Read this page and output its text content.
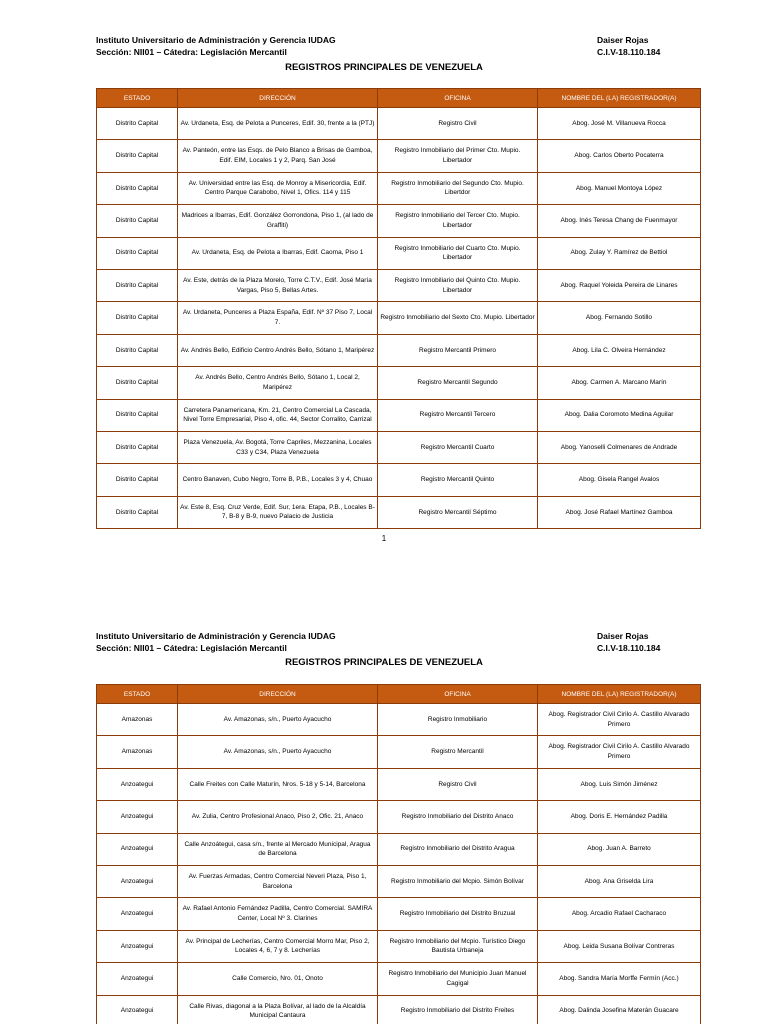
Instituto Universitario de Administración y Gerencia IUDAG
Sección: NII01 – Cátedra: Legislación Mercantil
Daiser Rojas
C.I.V-18.110.184
REGISTROS PRINCIPALES DE VENEZUELA
ESTADO	DIRECCIÓN	OFICINA	NOMBRE DEL (LA) REGISTRADOR(A)
Distrito Capital	Av. Urdaneta, Esq. de Pelota a Punceres, Edif. 30, frente a la (PTJ)	Registro Civil	Abog. José M. Villanueva Rocca
Distrito Capital	Av. Panteón, entre las Esqs. de Pelo Blanco a Brisas de Gamboa, Edif. EIM, Locales 1 y 2, Parq. San José	Registro Inmobiliario del Primer Cto. Mupio. Libertador	Abog. Carlos Oberto Pocaterra
Distrito Capital	Av. Universidad entre las Esq. de Monroy a Misericordia, Edif. Centro Parque Carabobo, Nivel 1, Ofics. 114 y 115	Registro Inmobiliario del Segundo Cto. Mupio. Libertdor	Abog. Manuel Montoya López
Distrito Capital	Madrices a Ibarras, Edif. González Gorrondona, Piso 1, (al lado de Graffiti)	Registro Inmobiliario del Tercer Cto. Mupio. Libertador	Abog. Inés Teresa Chang de Fuenmayor
Distrito Capital	Av. Urdaneta, Esq. de Pelota a Ibarras, Edif. Caoma, Piso 1	Registro Inmobiliario del Cuarto Cto. Mupio. Libertador	Abog. Zulay Y. Ramírez de Bettiol
Distrito Capital	Av. Este, detrás de la Plaza Morelo, Torre C.T.V., Edif. José María Vargas, Piso 5, Bellas Artes.	Registro Inmobiliario del Quinto Cto. Mupio. Libertador	Abog. Raquel Yoleida Pereira de Linares
Distrito Capital	Av. Urdaneta, Punceres a Plaza España, Edif. Nº 37 Piso 7, Local 7.	Registro Inmobiliario del Sexto Cto. Mupio. Libertador	Abog. Fernando Sotillo
Distrito Capital	Av. Andrés Bello, Edificio Centro Andrés Bello, Sótano 1, Maripérez	Registro Mercantil Primero	Abog. Lila C. Olveira Hernández
Distrito Capital	Av. Andrés Bello, Centro Andrés Bello, Sótano 1, Local 2, Maripérez	Registro Mercantil Segundo	Abog. Carmen A. Marcano Marín
Distrito Capital	Carretera Panamericana, Km. 21, Centro Comercial La Cascada, Nivel Torre Empresarial, Piso 4, ofic. 44, Sector Corralito, Carrizal	Registro Mercantil Tercero	Abog. Dalia Coromoto Medina Aguilar
Distrito Capital	Plaza Venezuela, Av. Bogotá, Torre Capriles, Mezzanina, Locales C33 y C34, Plaza Venezuela	Registro Mercantil Cuarto	Abog. Yanoselli Colmenares de Andrade
Distrito Capital	Centro Banaven, Cubo Negro, Torre B, P.B., Locales 3 y 4, Chuao	Registro Mercantil Quinto	Abog. Gisela Rangel Avalos
Distrito Capital	Av. Este 8, Esq. Cruz Verde, Edif. Sur, 1era. Etapa, P.B., Locales B-7, B-8 y B-9, nuevo Palacio de Justicia	Registro Mercantil Séptimo	Abog. José Rafael Martínez Gamboa
1
Instituto Universitario de Administración y Gerencia IUDAG
Sección: NII01 – Cátedra: Legislación Mercantil
Daiser Rojas
C.I.V-18.110.184
REGISTROS PRINCIPALES DE VENEZUELA
ESTADO	DIRECCIÓN	OFICINA	NOMBRE DEL (LA) REGISTRADOR(A)
Amazonas	Av. Amazonas, s/n., Puerto Ayacucho	Registro Inmobiliario	Abog. Registrador Civil Cirilo A. Castillo Alvarado Primero
Amazonas	Av. Amazonas, s/n., Puerto Ayacucho	Registro Mercantil	Abog. Registrador Civil Cirilo A. Castillo Alvarado Primero
Anzoategui	Calle Freites con Calle Maturín, Nros. 5-18 y 5-14, Barcelona	Registro Civil	Abog. Luis Simón Jiménez
Anzoategui	Av. Zulia, Centro Profesional Anaco, Piso 2, Ofic. 21, Anaco	Registro Inmobiliario del Distrito Anaco	Abog. Doris E. Hernández Padilla
Anzoategui	Calle Anzoátegui, casa s/n., frente al Mercado Municipal, Aragua de Barcelona	Registro Inmobiliario del Distrito Aragua	Abog. Juan A. Barreto
Anzoategui	Av. Fuerzas Armadas, Centro Comercial Neveri Plaza, Piso 1, Barcelona	Registro Inmobiliario del Mcpio. Simón Bolívar	Abog. Ana Griselda Lira
Anzoategui	Av. Rafael Antonio Fernández Padilla, Centro Comercial. SAMIRA Center, Local Nº 3. Clarines	Registro Inmobiliario del Distrito Bruzual	Abog. Arcadio Rafael Cacharaco
Anzoategui	Av. Principal de Lecherías, Centro Comercial Morro Mar, Piso 2, Locales 4, 6, 7 y 8. Lecherías	Registro Inmobiliario del Mcpio. Turístico Diego Bautista Urbaneja	Abog. Leida Susana Bolívar Contreras
Anzoategui	Calle Comercio, Nro. 01, Onoto	Registro Inmobiliario del Municipio Juan Manuel Cagigal	Abog. Sandra María Morffe Fermín (Acc.)
Anzoategui	Calle Rivas, diagonal a la Plaza Bolívar, al lado de la Alcaldía Municipal Cantaura	Registro Inmobiliario del Distrito Freites	Abog. Dalinda Josefina Materán Guacare
